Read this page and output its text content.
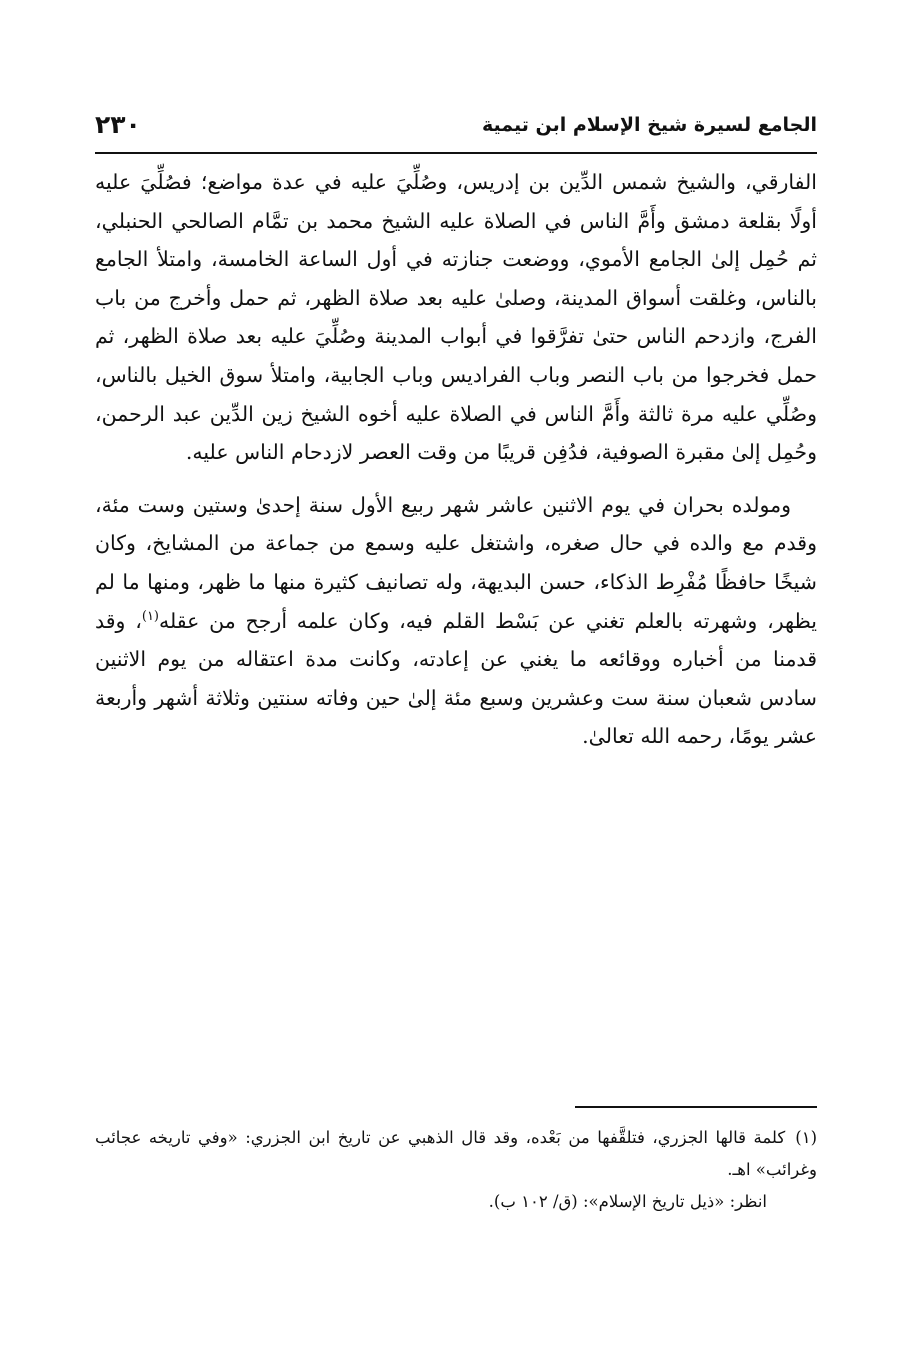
الجامع لسيرة شيخ الإسلام ابن تيمية
٢٣٠

الفارقي، والشيخ شمس الدِّين بن إدريس، وصُلِّيَ عليه في عدة مواضع؛ فصُلِّيَ عليه أولًا بقلعة دمشق وأَمَّ الناس في الصلاة عليه الشيخ محمد بن تمَّام الصالحي الحنبلي، ثم حُمِل إلىٰ الجامع الأموي، ووضعت جنازته في أول الساعة الخامسة، وامتلأ الجامع بالناس، وغلقت أسواق المدينة، وصلىٰ عليه بعد صلاة الظهر، ثم حمل وأخرج من باب الفرج، وازدحم الناس حتىٰ تفرَّقوا في أبواب المدينة وصُلِّيَ عليه بعد صلاة الظهر، ثم حمل فخرجوا من باب النصر وباب الفراديس وباب الجابية، وامتلأ سوق الخيل بالناس، وصُلِّي عليه مرة ثالثة وأَمَّ الناس في الصلاة عليه أخوه الشيخ زين الدِّين عبد الرحمن، وحُمِل إلىٰ مقبرة الصوفية، فدُفِن قريبًا من وقت العصر لازدحام الناس عليه.

ومولده بحران في يوم الاثنين عاشر شهر ربيع الأول سنة إحدىٰ وستين وست مئة، وقدم مع والده في حال صغره، واشتغل عليه وسمع من جماعة من المشايخ، وكان شيخًا حافظًا مُفْرِط الذكاء، حسن البديهة، وله تصانيف كثيرة منها ما ظهر، ومنها ما لم يظهر، وشهرته بالعلم تغني عن بَسْط القلم فيه، وكان علمه أرجح من عقله$^{(١)}$، وقد قدمنا من أخباره ووقائعه ما يغني عن إعادته، وكانت مدة اعتقاله من يوم الاثنين سادس شعبان سنة ست وعشرين وسبع مئة إلىٰ حين وفاته سنتين وثلاثة أشهر وأربعة عشر يومًا، رحمه الله تعالىٰ.

(١)كلمة قالها الجزري، فتلقَّفها من بَعْده، وقد قال الذهبي عن تاريخ ابن الجزري: «وفي تاريخه عجائب وغرائب» اهـ.

انظر: «ذيل تاريخ الإسلام»: (ق/ ١٠٢ ب).
